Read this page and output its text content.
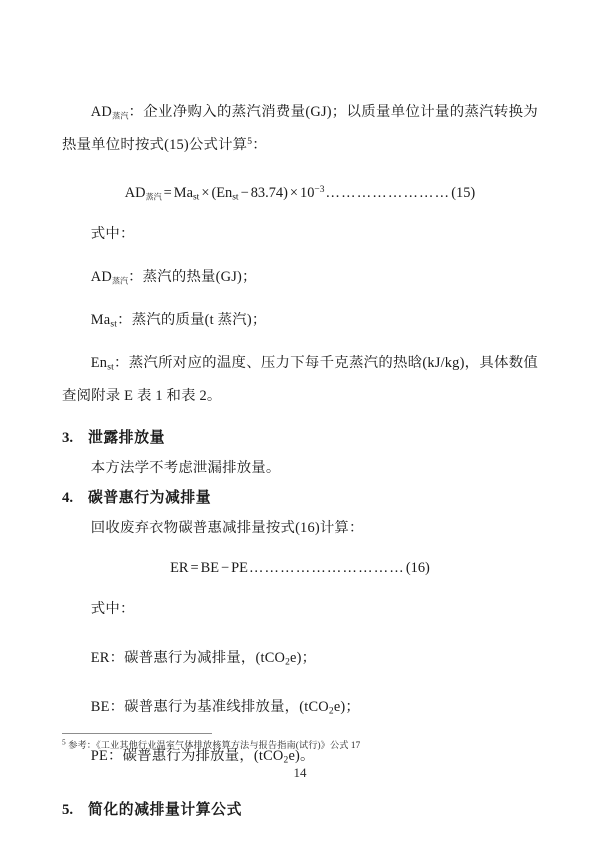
$AD_{蒸汽}$：企业净购入的蒸汽消费量(GJ)；以质量单位计量的蒸汽转换为热量单位时按式(15)公式计算$^5$：

$AD_{蒸汽} = Ma_{st} \times (En_{st} - 83.74)$ × $10^{-3}\dots\dots\dots\dots\dots\dots\dots\dots(15)$

式中：

$AD_{蒸汽}$：蒸汽的热量(GJ)；

$Ma_{st}$：蒸汽的质量(t 蒸汽)；

$En_{st}$：蒸汽所对应的温度、压力下每千克蒸汽的热晗(kJ/kg)，具体数值查阅附录 E 表 1 和表 2。

3.	泄露排放量

本方法学不考虑泄漏排放量。

4.	碳普惠行为减排量

回收废弃衣物碳普惠减排量按式(16)计算：

ER = BE − PE…………………………(16)

式中：

ER：碳普惠行为减排量，(tCO$_2$e)；

BE：碳普惠行为基准线排放量，(tCO$_2$e)；

PE：碳普惠行为排放量，(tCO$_2$e)。

5.	简化的减排量计算公式

$^5$ 参考：《工业其他行业温室气体排放核算方法与报告指南(试行)》公式 17

14
